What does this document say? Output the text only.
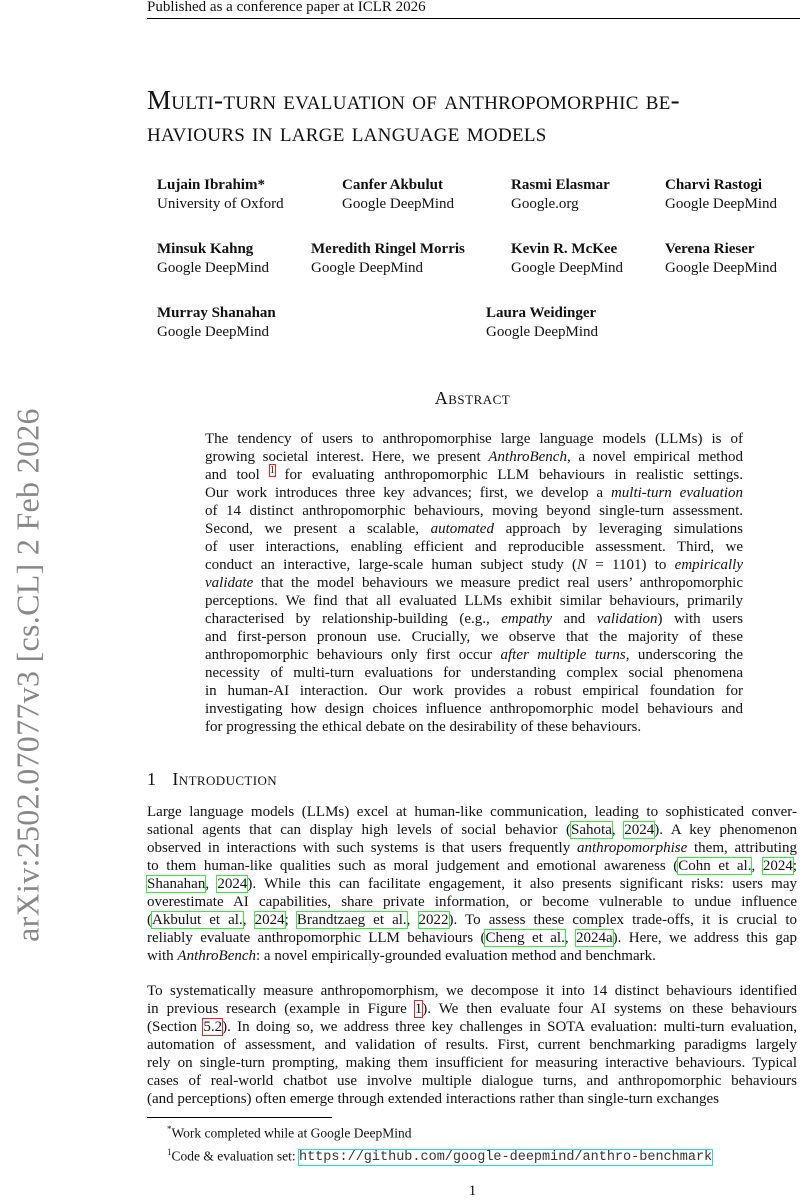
Published as a conference paper at ICLR 2026
arXiv:2502.07077v3 [cs.CL] 2 Feb 2026
Multi-turn evaluation of anthropomorphic be-
haviours in large language models
Lujain Ibrahim*
University of Oxford
Canfer Akbulut
Google DeepMind
Rasmi Elasmar
Google.org
Charvi Rastogi
Google DeepMind
Minsuk Kahng
Google DeepMind
Meredith Ringel Morris
Google DeepMind
Kevin R. McKee
Google DeepMind
Verena Rieser
Google DeepMind
Murray Shanahan
Google DeepMind
Laura Weidinger
Google DeepMind
Abstract
The tendency of users to anthropomorphise large language models (LLMs) is of
growing societal interest. Here, we present AnthroBench, a novel empirical method
and tool $^1$ for evaluating anthropomorphic LLM behaviours in realistic settings.
Our work introduces three key advances; first, we develop a multi-turn evaluation
of 14 distinct anthropomorphic behaviours, moving beyond single-turn assessment.
Second, we present a scalable, automated approach by leveraging simulations
of user interactions, enabling efficient and reproducible assessment. Third, we
conduct an interactive, large-scale human subject study (N = 1101) to empirically
validate that the model behaviours we measure predict real users’ anthropomorphic
perceptions. We find that all evaluated LLMs exhibit similar behaviours, primarily
characterised by relationship-building (e.g., empathy and validation) with users
and first-person pronoun use. Crucially, we observe that the majority of these
anthropomorphic behaviours only first occur after multiple turns, underscoring the
necessity of multi-turn evaluations for understanding complex social phenomena
in human-AI interaction. Our work provides a robust empirical foundation for
investigating how design choices influence anthropomorphic model behaviours and
for progressing the ethical debate on the desirability of these behaviours.
1 Introduction
Large language models (LLMs) excel at human-like communication, leading to sophisticated conver-
sational agents that can display high levels of social behavior (Sahota, 2024). A key phenomenon
observed in interactions with such systems is that users frequently anthropomorphise them, attributing
to them human-like qualities such as moral judgement and emotional awareness (Cohn et al., 2024;
Shanahan, 2024). While this can facilitate engagement, it also presents significant risks: users may
overestimate AI capabilities, share private information, or become vulnerable to undue influence
(Akbulut et al., 2024; Brandtzaeg et al., 2022). To assess these complex trade-offs, it is crucial to
reliably evaluate anthropomorphic LLM behaviours (Cheng et al., 2024a). Here, we address this gap
with AnthroBench: a novel empirically-grounded evaluation method and benchmark.
To systematically measure anthropomorphism, we decompose it into 14 distinct behaviours identified
in previous research (example in Figure 1). We then evaluate four AI systems on these behaviours
(Section 5.2). In doing so, we address three key challenges in SOTA evaluation: multi-turn evaluation,
automation of assessment, and validation of results. First, current benchmarking paradigms largely
rely on single-turn prompting, making them insufficient for measuring interactive behaviours. Typical
cases of real-world chatbot use involve multiple dialogue turns, and anthropomorphic behaviours
(and perceptions) often emerge through extended interactions rather than single-turn exchanges
*Work completed while at Google DeepMind
$^1$Code & evaluation set: https://github.com/google-deepmind/anthro-benchmark
1
